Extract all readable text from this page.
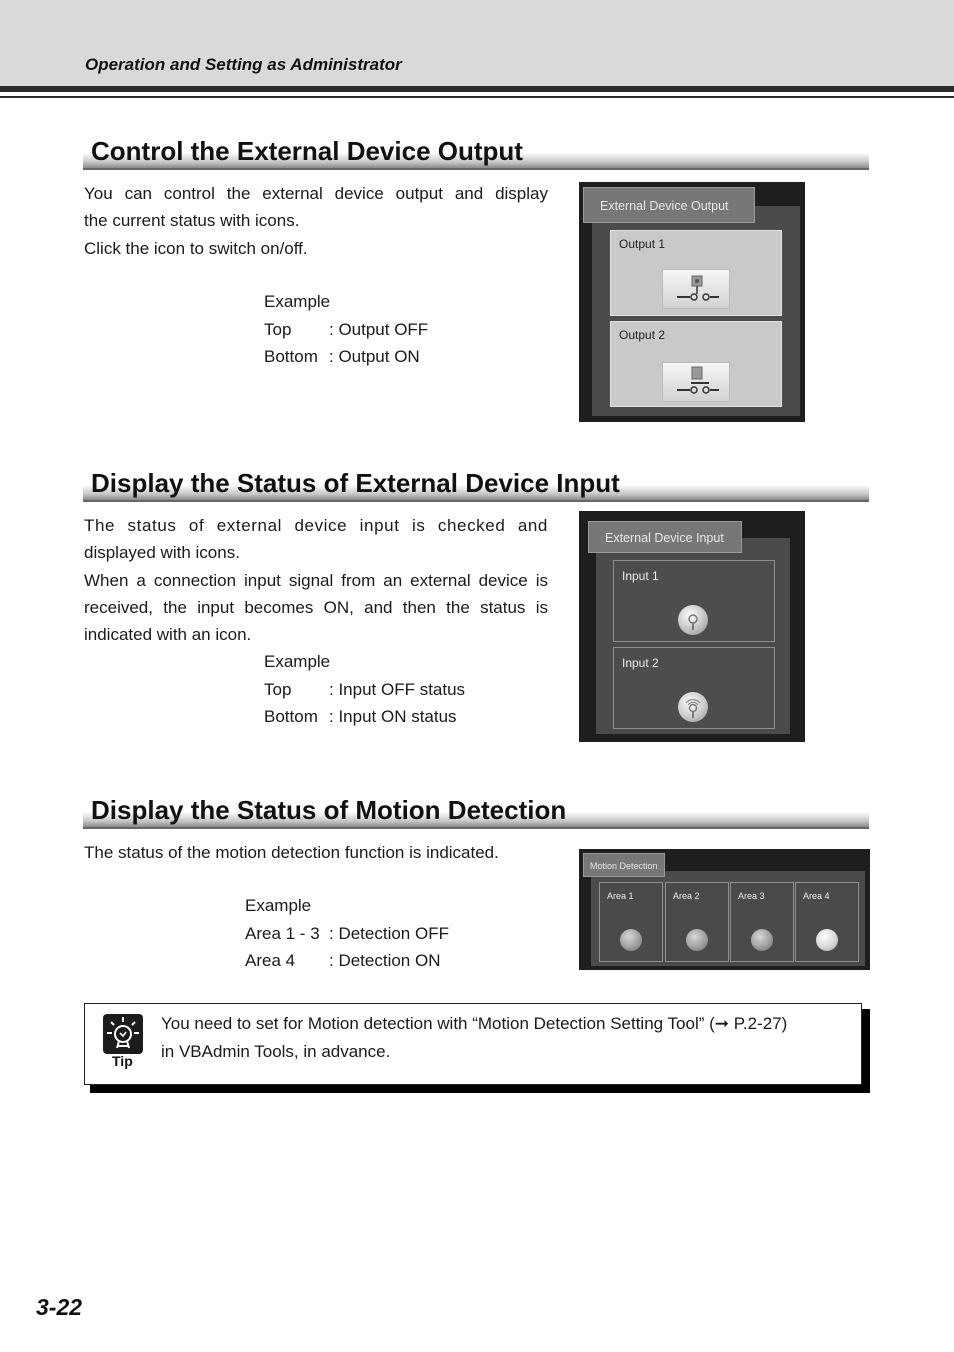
Operation and Setting as Administrator
Control the External Device Output

You can control the external device output and display

the current status with icons.

Click the icon to switch on/off.

Example
Top : Output OFF
Bottom : Output ON
External Device Output
Output 1
Output 2
Display the Status of External Device Input

The status of external device input is checked and

displayed with icons.

When a connection input signal from an external device is

received, the input becomes ON, and then the status is

indicated with an icon.

Example
Top : Input OFF status
Bottom : Input ON status
External Device Input
Input 1
Input 2
Display the Status of Motion Detection

The status of the motion detection function is indicated.

Example
Area 1 - 3 : Detection OFF
Area 4 : Detection ON
Motion Detection
Area 1	Area 2	Area 3	Area 4
Tip

You need to set for Motion detection with “Motion Detection Setting Tool” (➞ P.2-27)

in VBAdmin Tools, in advance.

3-22
